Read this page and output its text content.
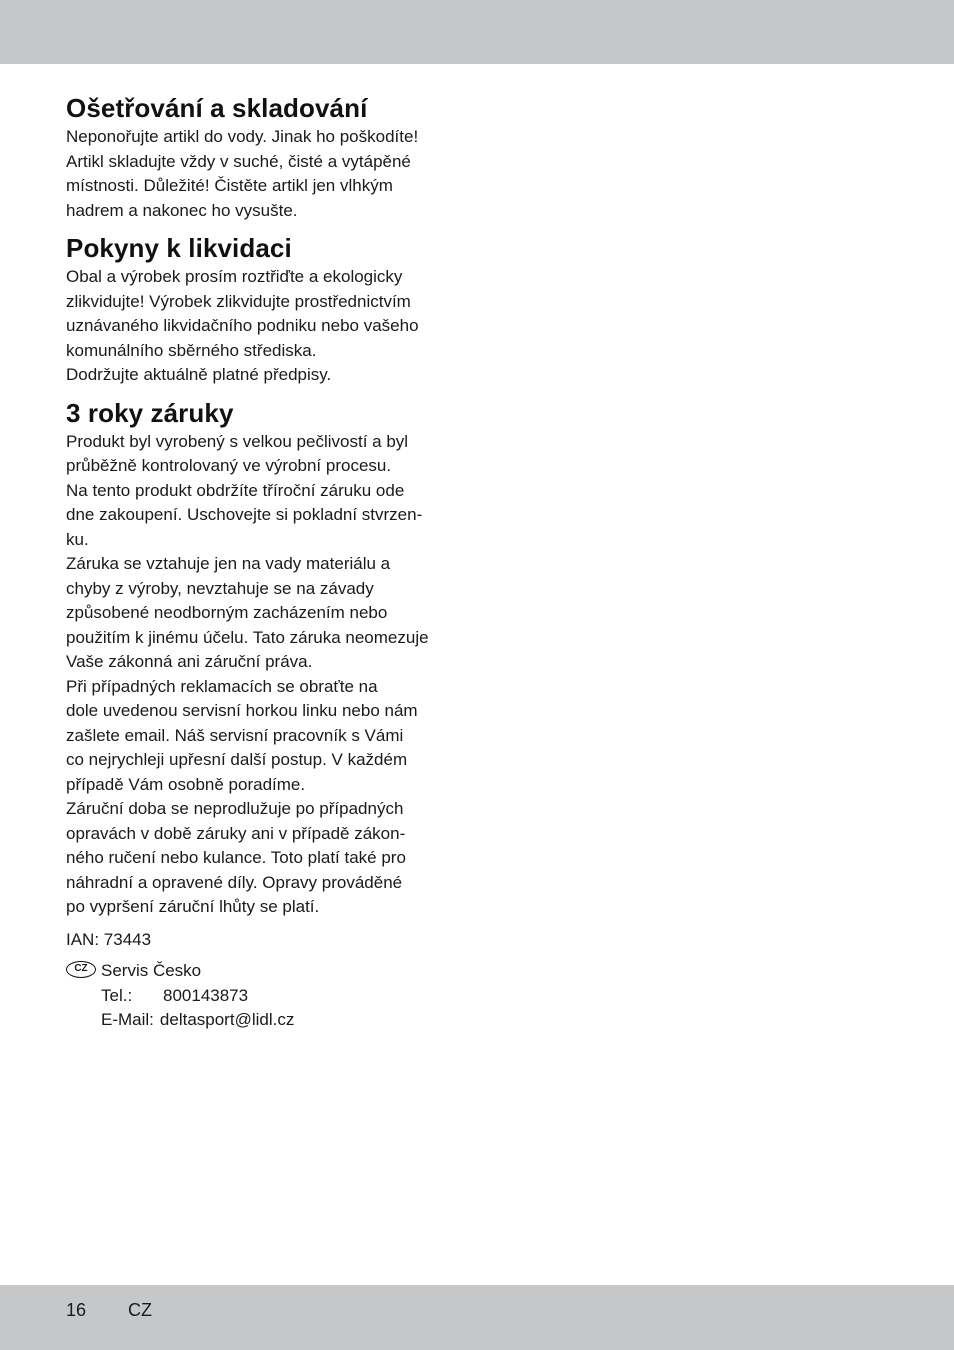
Ošetřování a skladování

Neponořujte artikl do vody. Jinak ho poškodíte!
Artikl skladujte vždy v suché, čisté a vytápěné
místnosti. Důležité! Čistěte artikl jen vlhkým
hadrem a nakonec ho vysušte.

Pokyny k likvidaci

Obal a výrobek prosím roztřiďte a ekologicky
zlikvidujte! Výrobek zlikvidujte prostřednictvím
uznávaného likvidačního podniku nebo vašeho
komunálního sběrného střediska.
Dodržujte aktuálně platné předpisy.

3 roky záruky

Produkt byl vyrobený s velkou pečlivostí a byl
průběžně kontrolovaný ve výrobní procesu.
Na tento produkt obdržíte tříroční záruku ode
dne zakoupení. Uschovejte si pokladní stvrzen-
ku.
Záruka se vztahuje jen na vady materiálu a
chyby z výroby, nevztahuje se na závady
způsobené neodborným zacházením nebo
použitím k jinému účelu. Tato záruka neomezuje
Vaše zákonná ani záruční práva.
Při případných reklamacích se obraťte na
dole uvedenou servisní horkou linku nebo nám
zašlete email. Náš servisní pracovník s Vámi
co nejrychleji upřesní další postup. V každém
případě Vám osobně poradíme.
Záruční doba se neprodlužuje po případných
opravách v době záruky ani v případě zákon-
ného ručení nebo kulance. Toto platí také pro
náhradní a opravené díly. Opravy prováděné
po vypršení záruční lhůty se platí.

IAN: 73443
CZ Servis Česko
Tel.:	800143873
E-Mail: deltasport@lidl.cz
16 CZ
